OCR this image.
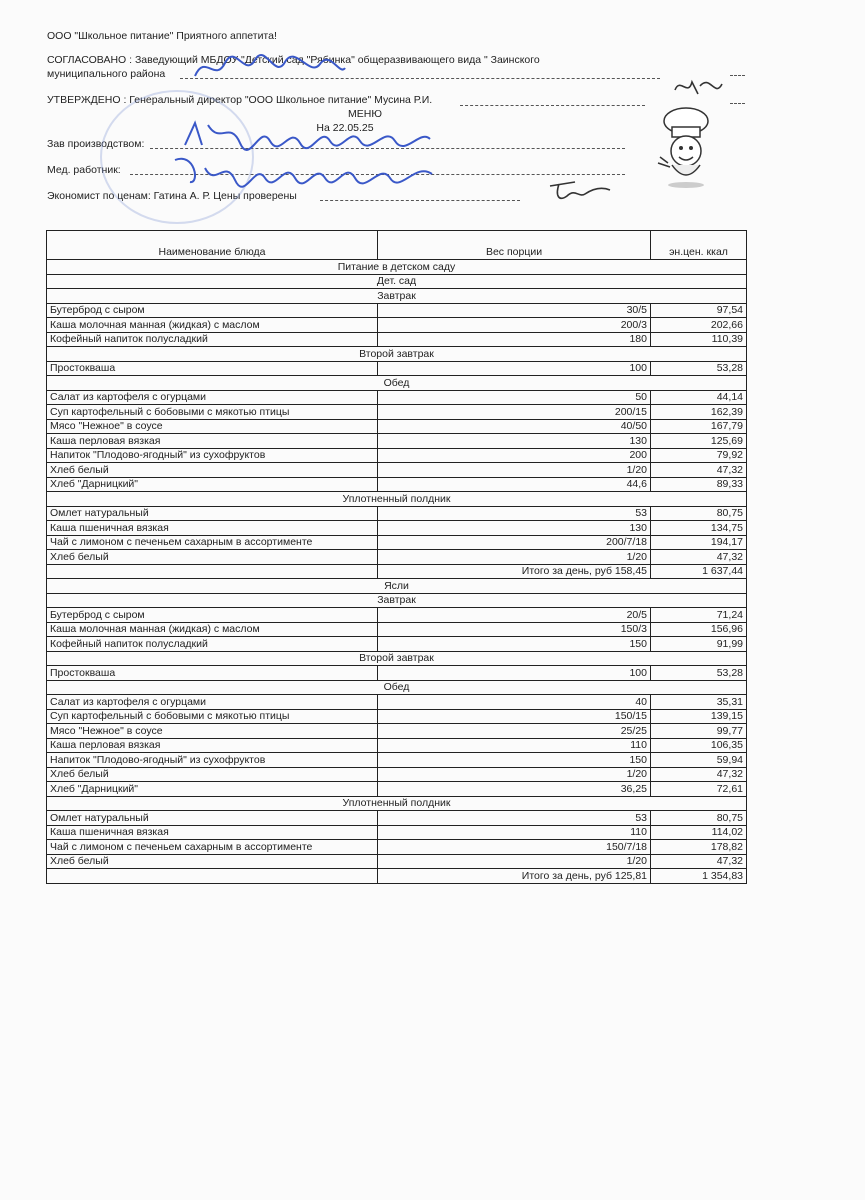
ООО "Школьное питание" Приятного аппетита!
СОГЛАСОВАНО : Заведующий МБДОУ "Детский сад "Рябинка" общеразвивающего вида " Заинского
муниципального района
УТВЕРЖДЕНО : Генеральный директор "ООО Школьное питание" Мусина Р.И.
МЕНЮ
На 22.05.25
Зав производством:
Мед. работник:
Экономист по ценам: Гатина А. Р. Цены проверены
Наименование блюда	Вес порции	эн.цен. ккал
Питание в детском саду		
Дет. сад		
Завтрак		
Бутерброд с сыром	30/5	97,54
Каша молочная манная (жидкая) с маслом	200/3	202,66
Кофейный напиток полусладкий	180	110,39
Второй завтрак		
Простокваша	100	53,28
Обед		
Салат из картофеля с огурцами	50	44,14
Суп картофельный с бобовыми с мякотью птицы	200/15	162,39
Мясо "Нежное" в соусе	40/50	167,79
Каша перловая вязкая	130	125,69
Напиток "Плодово-ягодный" из сухофруктов	200	79,92
Хлеб белый	1/20	47,32
Хлеб "Дарницкий"	44,6	89,33
Уплотненный полдник		
Омлет натуральный	53	80,75
Каша пшеничная вязкая	130	134,75
Чай с лимоном с печеньем сахарным в ассортименте	200/7/18	194,17
Хлеб белый	1/20	47,32
	Итого за день, руб 158,45	1 637,44
Ясли		
Завтрак		
Бутерброд с сыром	20/5	71,24
Каша молочная манная (жидкая) с маслом	150/3	156,96
Кофейный напиток полусладкий	150	91,99
Второй завтрак		
Простокваша	100	53,28
Обед		
Салат из картофеля с огурцами	40	35,31
Суп картофельный с бобовыми с мякотью птицы	150/15	139,15
Мясо "Нежное" в соусе	25/25	99,77
Каша перловая вязкая	110	106,35
Напиток "Плодово-ягодный" из сухофруктов	150	59,94
Хлеб белый	1/20	47,32
Хлеб "Дарницкий"	36,25	72,61
Уплотненный полдник		
Омлет натуральный	53	80,75
Каша пшеничная вязкая	110	114,02
Чай с лимоном с печеньем сахарным в ассортименте	150/7/18	178,82
Хлеб белый	1/20	47,32
	Итого за день, руб 125,81	1 354,83
